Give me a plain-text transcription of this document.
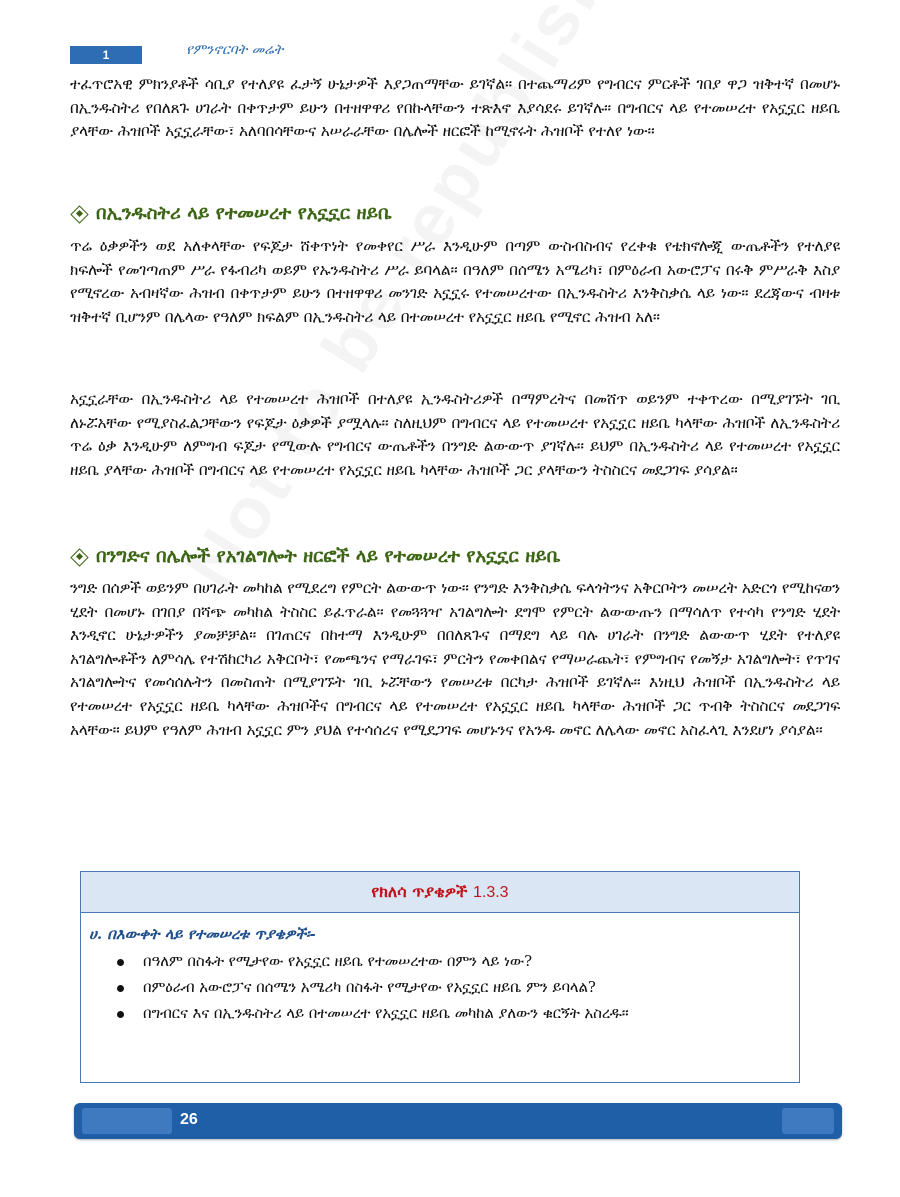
1	የምንኖርባት መሬት

ተፈጥሮአዊ ምክንያቶች ሳቢያ የተለያዩ ፈታኝ ሁኔታዎች እያጋጠማቸው ይገኛል፡፡ በተጨማሪም የግብርና ምርቶች ገበያ ዋጋ ዝቅተኛ በመሆኑ በኢንዱስትሪ የበለጸጉ ሀገራት በቀጥታም ይሁን በተዘዋዋሪ የበኩላቸውን ተጽእኖ እያሳደሩ ይገኛሉ፡፡ በግብርና ላይ የተመሠረተ የአኗኗር ዘይቤ ያላቸው ሕዝቦች አኗኗራቸው፣ አለባበሳቸውና አሠራራቸው በሌሎች ዘርፎች ከሚኖሩት ሕዝቦች የተለየ ነው፡፡

በኢንዱስትሪ ላይ የተመሠረተ የአኗኗር ዘይቤ

ጥሬ ዕቃዎችን ወደ አለቀላቸው የፍጆታ ሸቀጥነት የመቀየር ሥራ እንዲሁም በጣም ውስብስብና የረቀቁ የቴክኖሎጂ ውጤቶችን የተለያዩ ክፍሎች የመገጣጠም ሥራ የፋብሪካ ወይም የኡንዱስትሪ ሥራ ይባላል፡፡ በዓለም በሰሜን አሜሪካ፣ በምዕራብ አውሮፓና በሩቅ ምሥራቅ እስያ የሚኖረው አብዛኛው ሕዝብ በቀጥታም ይሁን በተዘዋዋሪ መንገድ አኗኗሩ የተመሠረተው በኢንዱስትሪ እንቅስቃሴ ላይ ነው፡፡ ደረጃውና ብዛቱ ዝቅተኛ ቢሆንም በሌላው የዓለም ክፍልም በኢንዱስትሪ ላይ በተመሠረተ የአኗኗር ዘይቤ የሚኖር ሕዝብ አለ፡፡

አኗኗራቸው በኢንዱስትሪ ላይ የተመሠረተ ሕዝቦች በተለያዩ ኢንዱስትሪዎች በማምረትና በመሸጥ ወይንም ተቀጥረው በሚያገኙት ገቢ ለኑሯአቸው የሚያስፈልጋቸውን የፍጆታ ዕቃዎች ያሟላሉ፡፡ ስለዚህም በግብርና ላይ የተመሠረተ የአኗኗር ዘይቤ ካላቸው ሕዝቦች ለኢንዱስትሪ ጥሬ ዕቃ እንዲሁም ለምግብ ፍጆታ የሚውሉ የግብርና ውጤቶችን በንግድ ልውውጥ ያገኛሉ፡፡ ይህም በኢንዱስትሪ ላይ የተመሠረተ የአኗኗር ዘይቤ ያላቸው ሕዝቦች በግብርና ላይ የተመሠረተ የአኗኗር ዘይቤ ካላቸው ሕዝቦች ጋር ያላቸውን ትስስርና መደጋገፍ ያሳያል፡፡

በንግድና በሌሎች የአገልግሎት ዘርፎች ላይ የተመሠረተ የአኗኗር ዘይቤ

ንግድ በሰዎች ወይንም በሀገራት መካከል የሚደረግ የምርት ልውውጥ ነው፡፡ የንግድ እንቅስቃሴ ፍላጎትንና አቅርቦትን መሠረት አድርጎ የሚከናወን ሂደት በመሆኑ በገበያ በሻጭ መካከል ትስስር ይፈጥራል፡፡ የመጓጓዣ አገልግሎት ደግሞ የምርት ልውውጡን በማሳለጥ የተሳካ የንግድ ሂደት እንዲኖር ሁኔታዎችን ያመቻቻል፡፡ በገጠርና በከተማ እንዲሁም በበለጸጉና በማደግ ላይ ባሉ ሀገራት በንግድ ልውውጥ ሂደት የተለያዩ አገልግሎቶችን ለምሳሌ የተሽከርካሪ አቅርቦት፣ የመጫንና የማራገፍ፣ ምርትን የመቀበልና የማሠራጨት፣ የምግብና የመኝታ አገልግሎት፣ የጥገና አገልግሎትና የመሳሰሉትን በመስጠት በሚያገኙት ገቢ ኑሯቸውን የመሠረቱ በርካታ ሕዝቦች ይገኛሉ፡፡ እነዚህ ሕዝቦች በኢንዱስትሪ ላይ የተመሠረተ የአኗኗር ዘይቤ ካላቸው ሕዝቦችና በግብርና ላይ የተመሠረተ የአኗኗር ዘይቤ ካላቸው ሕዝቦች ጋር ጥብቅ ትስስርና መደጋገፍ አላቸው፡፡ ይህም የዓለም ሕዝብ አኗኗር ምን ያህል የተሳሰረና የሚደጋገፍ መሆኑንና የአንዱ መኖር ለሌላው መኖር አስፈላጊ እንደሆነ ያሳያል፡፡

የክለሳ ጥያቄዎች 1.3.3
ሀ. በእውቀት ላይ የተመሠረቱ ጥያቄዎች፡-
በዓለም በስፋት የሚታየው የአኗኗር ዘይቤ የተመሠረተው በምን ላይ ነው?
በምዕራብ አውሮፓና በሰሜን አሜሪካ በስፋት የሚታየው የአኗኗር ዘይቤ ምን ይባላል?
በግብርና እና በኢንዱስትሪ ላይ በተመሠረተ የአኗኗር ዘይቤ መካከል ያለውን ቁርኝት አስረዱ፡፡
26
